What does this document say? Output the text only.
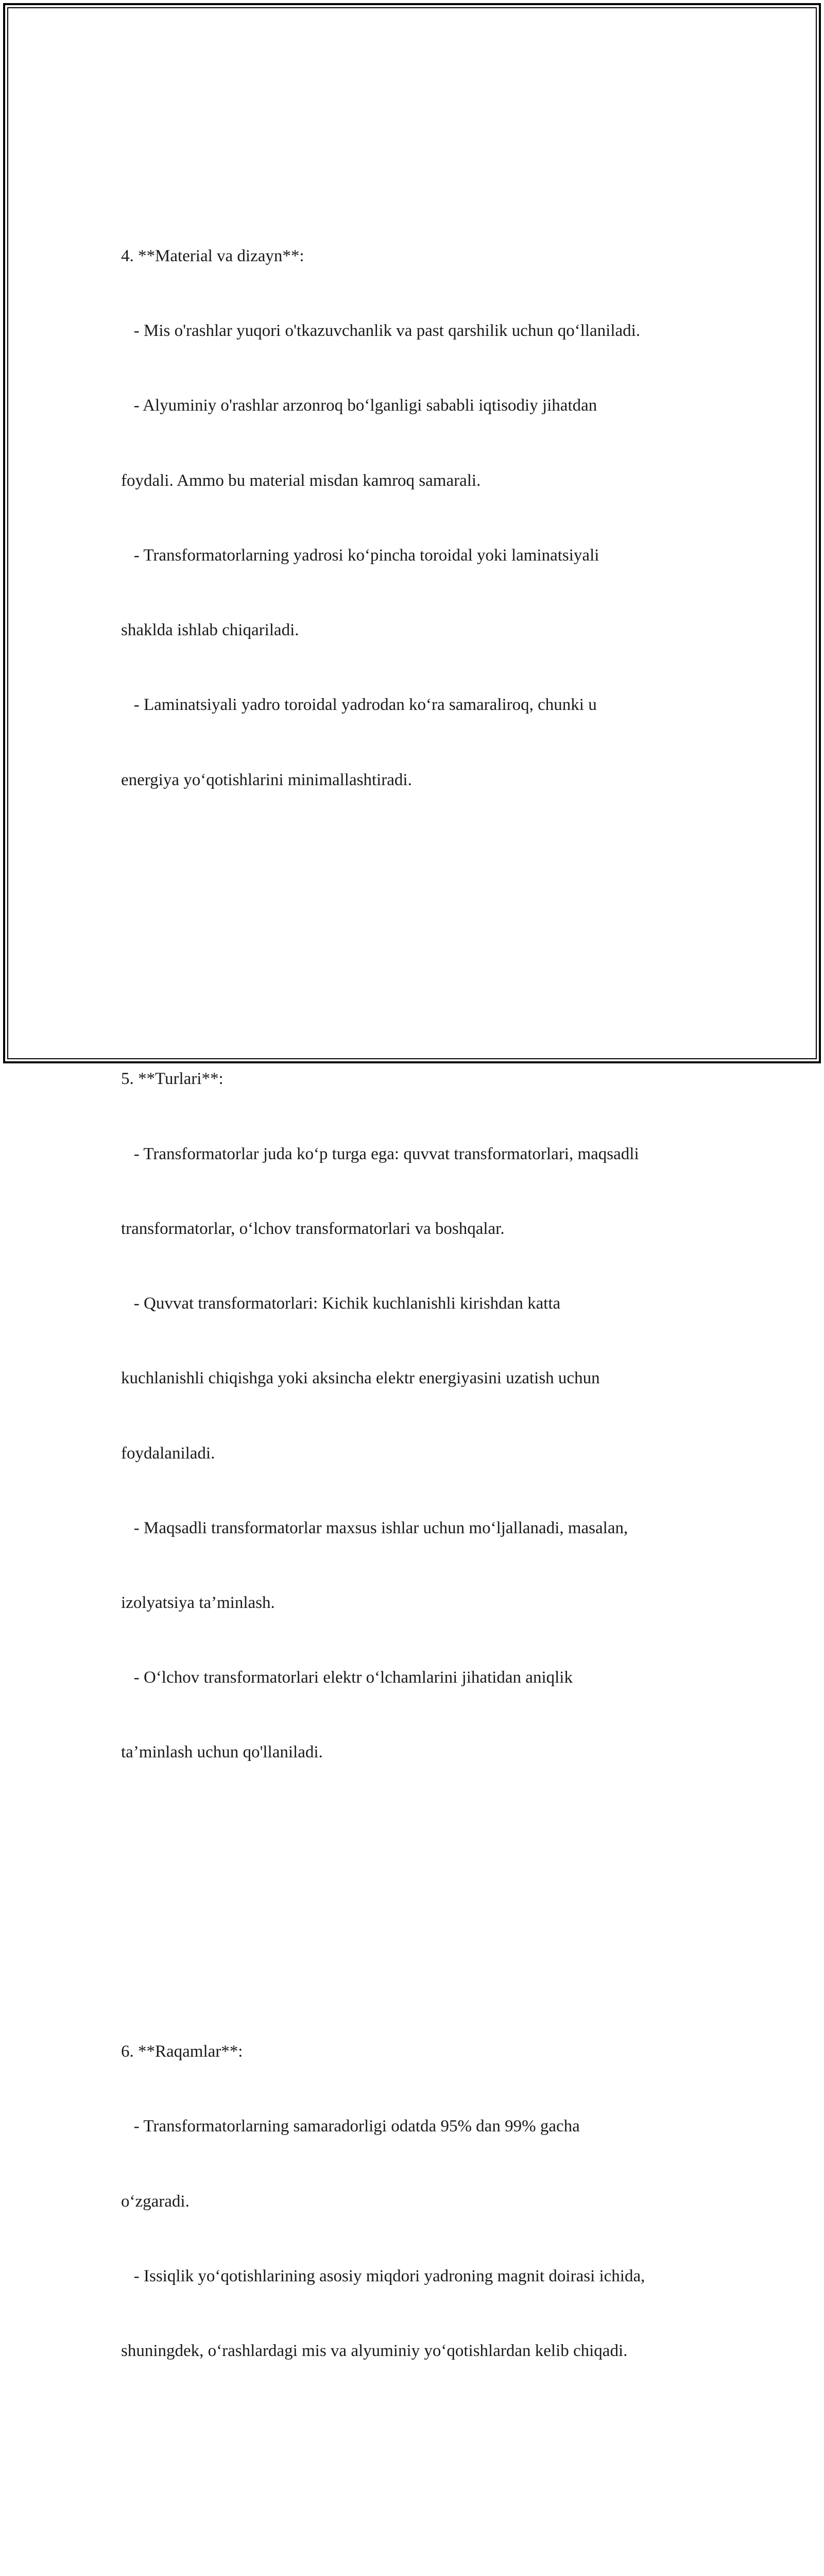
4. **Material va dizayn**:

- Mis o'rashlar yuqori o'tkazuvchanlik va past qarshilik uchun qo‘llaniladi.

- Alyuminiy o'rashlar arzonroq bo‘lganligi sababli iqtisodiy jihatdan

foydali. Ammo bu material misdan kamroq samarali.

- Transformatorlarning yadrosi ko‘pincha toroidal yoki laminatsiyali

shaklda ishlab chiqariladi.

- Laminatsiyali yadro toroidal yadrodan ko‘ra samaraliroq, chunki u

energiya yo‘qotishlarini minimallashtiradi.

5. **Turlari**:

- Transformatorlar juda ko‘p turga ega: quvvat transformatorlari, maqsadli

transformatorlar, o‘lchov transformatorlari va boshqalar.

- Quvvat transformatorlari: Kichik kuchlanishli kirishdan katta

kuchlanishli chiqishga yoki aksincha elektr energiyasini uzatish uchun

foydalaniladi.

- Maqsadli transformatorlar maxsus ishlar uchun mo‘ljallanadi, masalan,

izolyatsiya ta’minlash.

- O‘lchov transformatorlari elektr o‘lchamlarini jihatidan aniqlik

ta’minlash uchun qo'llaniladi.

6. **Raqamlar**:

- Transformatorlarning samaradorligi odatda 95% dan 99% gacha

o‘zgaradi.

- Issiqlik yo‘qotishlarining asosiy miqdori yadroning magnit doirasi ichida,

shuningdek, o‘rashlardagi mis va alyuminiy yo‘qotishlardan kelib chiqadi.
